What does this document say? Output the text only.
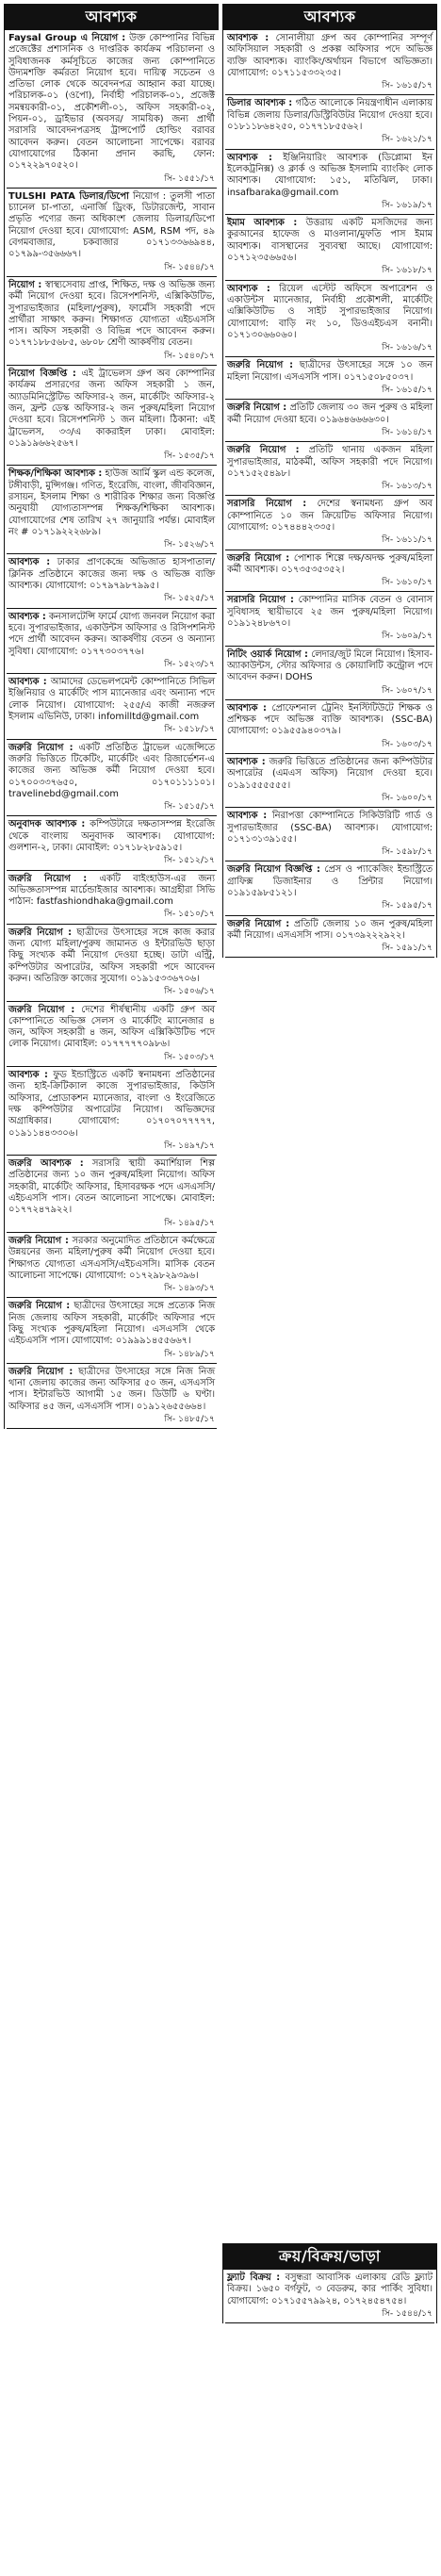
আবশ্যক
Faysal Group এ নিয়োগ : উক্ত কোম্পানির বিভিন্ন প্রজেক্টের প্রশাসনিক ও দাপ্তরিক কার্যক্রম পরিচালনা ও সুবিধাজনক কর্মসূচিতে কাজের জন্য কোম্পানিতে উদ্যমশক্তি কর্মরতা নিয়োগ হবে। দায়িত্ব সচেতন ও প্রতিভা লোক থেকে অবেদনপত্র আহ্বান করা যাচ্ছে। পরিচালক-০১ (ওপো), নির্বাহী পরিচালক-০১, প্রজেক্ট সমন্বয়কারী-০১, প্রকৌশলী-০১, অফিস সহকারী-০২, পিয়ন-০১, ড্রাইভার (অবসর/ সাময়িক) জন্য প্রার্থী সরাসরি আবেদনপত্রসহ ট্রান্সপোর্ট হোল্ডিং বরাবর আবেদন করুন। বেতন আলোচনা সাপেক্ষে। বরাবর যোগাযোগের ঠিকানা প্রদান করছি, ফোন: ০১৭২২৯৭০৫২০।
সি- ১৫৫১/১৭
TULSHI PATA ডিলার/ডিপো নিয়োগ : তুলসী পাতা চ্যানেল চা-পাতা, এনার্জি ড্রিংক, ডিটারজেন্ট, সাবান প্রভৃতি পণ্যের জন্য অধিকাংশ জেলায় ডিলার/ডিপো নিয়োগ দেওয়া হবে। যোগাযোগ: ASM, RSM পদ, ৪৯ বেগমবাজার, চকবাজার ০১৭১৩৩৬৬৯৪৪, ০১৭৯৯-৩৫৬৬৬৭।
সি- ১৫৪৪/১৭
নিয়োগ : স্বাস্থ্যসেবায় প্রাপ্ত, শিক্ষিত, দক্ষ ও অভিজ্ঞ জন্য কর্মী নিয়োগ দেওয়া হবে। রিসেপশনিস্ট, এক্সিকিউটিভ, সুপারভাইজার (মহিলা/পুরুষ), ফার্মেসি সহকারী পদে প্রার্থীরা সাক্ষাৎ করুন। শিক্ষাগত যোগ্যতা এইচএসসি পাস। অফিস সহকারী ও বিভিন্ন পদে আবেদন করুন। ০১৭৭১৮৮৫৬৮৫, ৬৮০৮ শ্রেণী আকর্ষণীয় বেতন।
সি- ১৫৪০/১৭
নিয়োগ বিজ্ঞপ্তি : এই ট্রাভেলস গ্রুপ অব কোম্পানির কার্যক্রম প্রসারণের জন্য অফিস সহকারী ১ জন, অ্যাডমিনিস্ট্রেটিভ অফিসার-২ জন, মার্কেটিং অফিসার-২ জন, ফ্রন্ট ডেস্ক অফিসার-২ জন পুরুষ/মহিলা নিয়োগ দেওয়া হবে। রিসেপশনিস্ট ১ জন মহিলা। ঠিকানা: এই ট্রাভেলস, ৩৩/এ কাকরাইল ঢাকা। মোবাইল: ০১৯১৯৬৬২৫৬৭।
সি- ১৫৩৫/১৭
শিক্ষক/শিক্ষিকা আবশ্যক : হাউজ আর্মি স্কুল এন্ড কলেজ, টঙ্গীবাড়ী, মুন্সিগঞ্জ। গণিত, ইংরেজি, বাংলা, জীববিজ্ঞান, রসায়ন, ইসলাম শিক্ষা ও শারীরিক শিক্ষার জন্য বিজ্ঞপ্তি অনুযায়ী যোগ্যতাসম্পন্ন শিক্ষক/শিক্ষিকা আবশ্যক। যোগাযোগের শেষ তারিখ ২৭ জানুয়ারি পর্যন্ত। মোবাইল নং # ০১৭১৯২২২৬৮৯।
সি- ১৫২৬/১৭
আবশ্যক : ঢাকার প্রাণকেন্দ্রে অভিজাত হাসপাতাল/ক্লিনিক প্রতিষ্ঠানে কাজের জন্য দক্ষ ও অভিজ্ঞ ব্যক্তি আবশ্যক। যোগাযোগ: ০১৭৯৭৯৮৭৯৯৫।
সি- ১৫২৫/১৭
আবশ্যক : কনসালটেন্সি ফার্মে যোগ্য জনবল নিয়োগ করা হবে। সুপারভাইজার, একাউন্টস অফিসার ও রিসিপশনিস্ট পদে প্রার্থী আবেদন করুন। আকর্ষণীয় বেতন ও অন্যান্য সুবিধা। যোগাযোগ: ০১৭৭৩০৩৭৭৬।
সি- ১৫২৩/১৭
আবশ্যক : আমাদের ডেভেলপমেন্ট কোম্পানিতে সিভিল ইঞ্জিনিয়ার ও মার্কেটিং পাস ম্যানেজার এবং অন্যান্য পদে লোক নিয়োগ। যোগাযোগ: ২৫৫/এ কাজী নজরুল ইসলাম এভিনিউ, ঢাকা। infomilltd@gmail.com
সি- ১৫১৮/১৭
জরুরি নিয়োগ : একটি প্রতিষ্ঠিত ট্রাভেল এজেন্সিতে জরুরি ভিত্তিতে টিকেটিং, মার্কেটিং এবং রিজার্ভেশন-এ কাজের জন্য অভিজ্ঞ কর্মী নিয়োগ দেওয়া হবে। ০১৭০০৩৩৭৬৫০, ০১৭০১১১১০১। travelinebd@gmail.com
সি- ১৫১৫/১৭
অনুবাদক আবশ্যক : কম্পিউটারে দক্ষতাসম্পন্ন ইংরেজি থেকে বাংলায় অনুবাদক আবশ্যক। যোগাযোগ: গুলশান-২, ঢাকা। মোবাইল: ০১৭১৮২৮৫৯১৫।
সি- ১৫১২/১৭
জরুরি নিয়োগ : একটি বাইংহাউস-এর জন্য অভিজ্ঞতাসম্পন্ন মার্চেন্ডাইজার আবশ্যক। আগ্রহীরা সিভি পাঠান: fastfashiondhaka@gmail.com
সি- ১৫১০/১৭
জরুরি নিয়োগ : ছাত্রীদের উৎসাহের সঙ্গে কাজ করার জন্য যোগ্য মহিলা/পুরুষ জামানত ও ইন্টারভিউ ছাড়া কিছু সংখ্যক কর্মী নিয়োগ দেওয়া হচ্ছে। ডাটা এন্ট্রি, কম্পিউটার অপারেটর, অফিস সহকারী পদে আবেদন করুন। অতিরিক্ত কাজের সুযোগ। ০১৯১৫৩৩৬৭০৬।
সি- ১৫০৬/১৭
জরুরি নিয়োগ : দেশের শীর্ষস্থানীয় একটি গ্রুপ অব কোম্পানিতে অভিজ্ঞ সেলস ও মার্কেটিং ম্যানেজার ৪ জন, অফিস সহকারী ৪ জন, অফিস এক্সিকিউটিভ পদে লোক নিয়োগ। মোবাইল: ০১৭৭৭৭৭০৯৮৬।
সি- ১৫০৩/১৭
আবশ্যক : ফুড ইন্ডাস্ট্রিতে একটি স্বনামধন্য প্রতিষ্ঠানের জন্য হাই-ক্রিটিক্যাল কাজে সুপারভাইজার, কিউসি অফিসার, প্রোডাকশন ম্যানেজার, বাংলা ও ইংরেজিতে দক্ষ কম্পিউটার অপারেটর নিয়োগ। অভিজ্ঞদের অগ্রাধিকার। যোগাযোগ: ০১৭০৭০৭৭৭৭৭, ০১৯১১৪৪৩৩০৬।
সি- ১৪৯৭/১৭
জরুরি আবশ্যক : সরাসরি স্থায়ী কমার্শিয়াল শিল্প প্রতিষ্ঠানের জন্য ১০ জন পুরুষ/মহিলা নিয়োগ। অফিস সহকারী, মার্কেটিং অফিসার, হিসাবরক্ষক পদে এসএসসি/এইচএসসি পাস। বেতন আলোচনা সাপেক্ষে। মোবাইল: ০১৭৭২৪৭৯২২।
সি- ১৪৯৫/১৭
জরুরি নিয়োগ : সরকার অনুমোদিত প্রতিষ্ঠানে কর্মক্ষেত্রে উন্নয়নের জন্য মহিলা/পুরুষ কর্মী নিয়োগ দেওয়া হবে। শিক্ষাগত যোগ্যতা এসএসসি/এইচএসসি। মাসিক বেতন আলোচনা সাপেক্ষে। যোগাযোগ: ০১৭২৯৮২৯৩৯৬।
সি- ১৪৯৩/১৭
জরুরি নিয়োগ : ছাত্রীদের উৎসাহের সঙ্গে প্রত্যেক নিজ নিজ জেলায় অফিস সহকারী, মার্কেটিং অফিসার পদে কিছু সংখ্যক পুরুষ/মহিলা নিয়োগ। এসএসসি থেকে এইচএসসি পাস। যোগাযোগ: ০১৯৯৯১৪৫৫৬৬৭।
সি- ১৪৮৯/১৭
জরুরি নিয়োগ : ছাত্রীদের উৎসাহের সঙ্গে নিজ নিজ থানা জেলায় কাজের জন্য অফিসার ৫০ জন, এসএসসি পাস। ইন্টারভিউ আগামী ১৫ জন। ডিউটি ৬ ঘণ্টা। অফিসার ৪৫ জন, এসএসসি পাস। ০১৯১২৬৫৫৬৬৪।
সি- ১৪৮৫/১৭
আবশ্যক
আবশ্যক : সোনালীয়া গ্রুপ অব কোম্পানির সম্পূর্ণ অফিসিয়াল সহকারী ও প্রকল্প অফিসার পদে অভিজ্ঞ ব্যক্তি আবশ্যক। ব্যাংকিং/অর্থায়ন বিভাগে অভিজ্ঞতা। যোগাযোগ: ০১৭১১৫৩৩২৩৫।
সি- ১৬১৫/১৭
ডিলার আবশ্যক : গঠিত আলোকে নিয়ন্ত্রণাধীন এলাকায় বিভিন্ন জেলায় ডিলার/ডিস্ট্রিবিউটর নিয়োগ দেওয়া হবে। ০১৮১১৮৬৪২৫০, ০১৭৭১৮৫৫৬২।
সি- ১৬২১/১৭
আবশ্যক : ইঞ্জিনিয়ারিং আবশ্যক (ডিপ্লোমা ইন ইলেকট্রনিক্স) ও ক্লার্ক ও অভিজ্ঞ ইসলামি ব্যাংকিং লোক আবশ্যক। যোগাযোগ: ১৫১, মতিঝিল, ঢাকা। insafbaraka@gmail.com
সি- ১৬১৯/১৭
ইমাম আবশ্যক : উত্তরায় একটি মসজিদের জন্য কুরআনের হাফেজ ও মাওলানা/মুফতি পাস ইমাম আবশ্যক। বাসস্থানের সুব্যবস্থা আছে। যোগাযোগ: ০১৭১২৩৫৬৬৫৬।
সি- ১৬১৮/১৭
আবশ্যক : রিয়েল এস্টেট অফিসে অপারেশন ও একাউন্টস ম্যানেজার, নির্বাহী প্রকৌশলী, মার্কেটিং এক্সিকিউটিভ ও সাইট সুপারভাইজার নিয়োগ। যোগাযোগ: বাড়ি নং ১০, ডিওএইচএস বনানী। ০১৭১৩০৬৬০৬০।
সি- ১৬১৬/১৭
জরুরি নিয়োগ : ছাত্রীদের উৎসাহের সঙ্গে ১০ জন মহিলা নিয়োগ। এসএসসি পাস। ০১৭১৫০৮৫০৩৭।
সি- ১৬১৫/১৭
জরুরি নিয়োগ : প্রতিটি জেলায় ৩০ জন পুরুষ ও মহিলা কর্মী নিয়োগ দেওয়া হবে। ০১৯৬৪৬৬৬৬৩০।
সি- ১৬১৪/১৭
জরুরি নিয়োগ : প্রতিটি থানায় একজন মহিলা সুপারভাইজার, মাঠকর্মী, অফিস সহকারী পদে নিয়োগ। ০১৭১৫২৫৪৯৮।
সি- ১৬১৩/১৭
সরাসরি নিয়োগ : দেশের স্বনামধন্য গ্রুপ অব কোম্পানিতে ১০ জন ক্রিয়েটিভ অফিসার নিয়োগ। যোগাযোগ: ০১৭৪৪৪২৩৩৫।
সি- ১৬১১/১৭
জরুরি নিয়োগ : পোশাক শিল্পে দক্ষ/অদক্ষ পুরুষ/মহিলা কর্মী আবশ্যক। ০১৭৩৫৩৫৩৫২।
সি- ১৬১০/১৭
সরাসরি নিয়োগ : কোম্পানির মাসিক বেতন ও বোনাস সুবিধাসহ স্থায়ীভাবে ২৫ জন পুরুষ/মহিলা নিয়োগ। ০১৯১২৪৮৬৭০।
সি- ১৬০৯/১৭
নিটিং ওয়ার্ক নিয়োগ : লেদার/জুট মিলে নিয়োগ। হিসাব-অ্যাকাউন্টস, স্টোর অফিসার ও কোয়ালিটি কন্ট্রোল পদে আবেদন করুন। DOHS
সি- ১৬০৭/১৭
আবশ্যক : প্রোফেশনাল ট্রেনিং ইনস্টিটিউটে শিক্ষক ও প্রশিক্ষক পদে অভিজ্ঞ ব্যক্তি আবশ্যক। (SSC-BA) যোগাযোগ: ০১৯৫৫৯৪০৩৭৯।
সি- ১৬০৩/১৭
আবশ্যক : জরুরি ভিত্তিতে প্রতিষ্ঠানের জন্য কম্পিউটার অপারেটর (এমএস অফিস) নিয়োগ দেওয়া হবে। ০১৯১৫৫৫৫৫৫।
সি- ১৬০০/১৭
আবশ্যক : নিরাপত্তা কোম্পানিতে সিকিউরিটি গার্ড ও সুপারভাইজার (SSC-BA) আবশ্যক। যোগাযোগ: ০১৭১৩১৩৯১৫৫।
সি- ১৫৯৮/১৭
জরুরি নিয়োগ বিজ্ঞপ্তি : প্রেস ও প্যাকেজিং ইন্ডাস্ট্রিতে গ্রাফিক্স ডিজাইনার ও প্রিন্টার নিয়োগ। ০১৯১৫৯৮৫১২১।
সি- ১৫৯৫/১৭
জরুরি নিয়োগ : প্রতিটি জেলায় ১০ জন পুরুষ/মহিলা কর্মী নিয়োগ। এসএসসি পাস। ০১৭৩৯২২২৯২২।
সি- ১৫৯১/১৭
ক্রয়/বিক্রয়/ভাড়া
ফ্ল্যাট বিক্রয় : বসুন্ধরা আবাসিক এলাকায় রেডি ফ্ল্যাট বিক্রয়। ১৬৫০ বর্গফুট, ৩ বেডরুম, কার পার্কিং সুবিধা। যোগাযোগ: ০১৭১৫৫৭৯৯২৪, ০১৭২৪৫৪৭৫৪।
সি- ১৫৪৪/১৭
